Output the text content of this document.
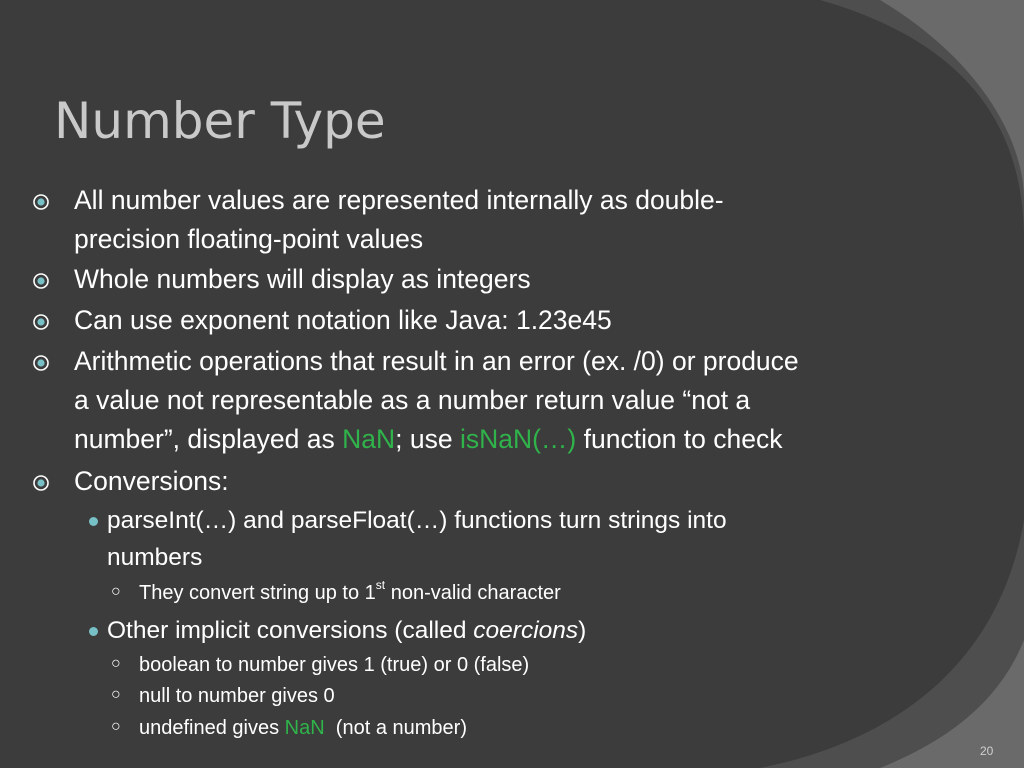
Number Type
All number values are represented internally as double-
precision floating-point values
Whole numbers will display as integers
Can use exponent notation like Java: 1.23e45
Arithmetic operations that result in an error (ex. /0) or produce
a value not representable as a number return value “not a
number”, displayed as NaN; use isNaN(…) function to check
Conversions:
parseInt(…) and parseFloat(…) functions turn strings into
numbers
○ They convert string up to 1st non-valid character
Other implicit conversions (called coercions)
○ boolean to number gives 1 (true) or 0 (false)
○ null to number gives 0
○ undefined gives NaN  (not a number)
20
